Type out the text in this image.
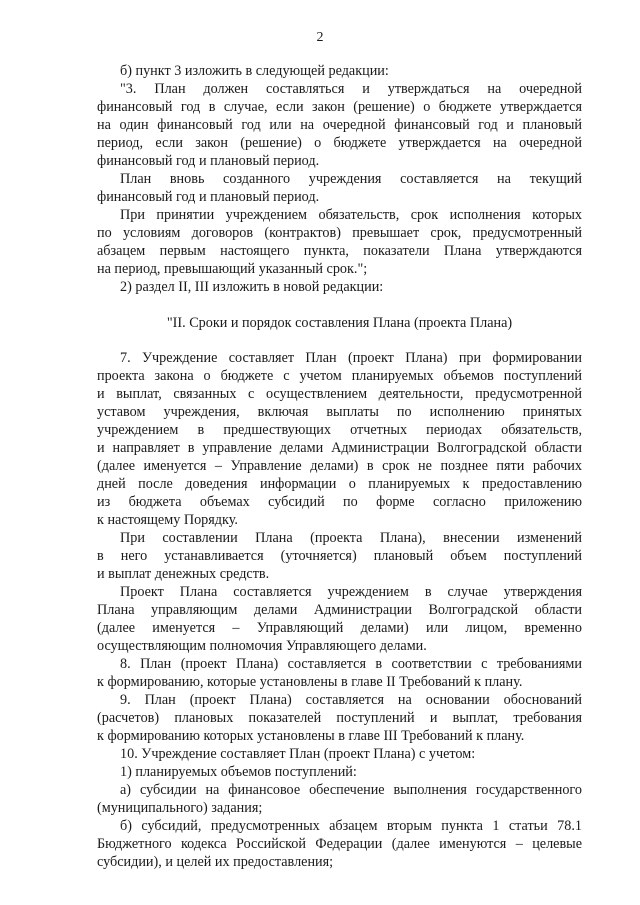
2
б) пункт 3 изложить в следующей редакции:
"3. План должен составляться и утверждаться на очередной
финансовый год в случае, если закон (решение) о бюджете утверждается
на один финансовый год или на очередной финансовый год и плановый
период, если закон (решение) о бюджете утверждается на очередной
финансовый год и плановый период.
План вновь созданного учреждения составляется на текущий
финансовый год и плановый период.
При принятии учреждением обязательств, срок исполнения которых
по условиям договоров (контрактов) превышает срок, предусмотренный
абзацем первым настоящего пункта, показатели Плана утверждаются
на период, превышающий указанный срок.";
2) раздел II, III изложить в новой редакции:
"II. Сроки и порядок составления Плана (проекта Плана)
7. Учреждение составляет План (проект Плана) при формировании
проекта закона о бюджете с учетом планируемых объемов поступлений
и выплат, связанных с осуществлением деятельности, предусмотренной
уставом учреждения, включая выплаты по исполнению принятых
учреждением в предшествующих отчетных периодах обязательств,
и направляет в управление делами Администрации Волгоградской области
(далее именуется – Управление делами) в срок не позднее пяти рабочих
дней после доведения информации о планируемых к предоставлению
из бюджета объемах субсидий по форме согласно приложению
к настоящему Порядку.
При составлении Плана (проекта Плана), внесении изменений
в него устанавливается (уточняется) плановый объем поступлений
и выплат денежных средств.
Проект Плана составляется учреждением в случае утверждения
Плана управляющим делами Администрации Волгоградской области
(далее именуется – Управляющий делами) или лицом, временно
осуществляющим полномочия Управляющего делами.
8. План (проект Плана) составляется в соответствии с требованиями
к формированию, которые установлены в главе II Требований к плану.
9. План (проект Плана) составляется на основании обоснований
(расчетов) плановых показателей поступлений и выплат, требования
к формированию которых установлены в главе III Требований к плану.
10. Учреждение составляет План (проект Плана) с учетом:
1) планируемых объемов поступлений:
а) субсидии на финансовое обеспечение выполнения государственного
(муниципального) задания;
б) субсидий, предусмотренных абзацем вторым пункта 1 статьи 78.1
Бюджетного кодекса Российской Федерации (далее именуются – целевые
субсидии), и целей их предоставления;
